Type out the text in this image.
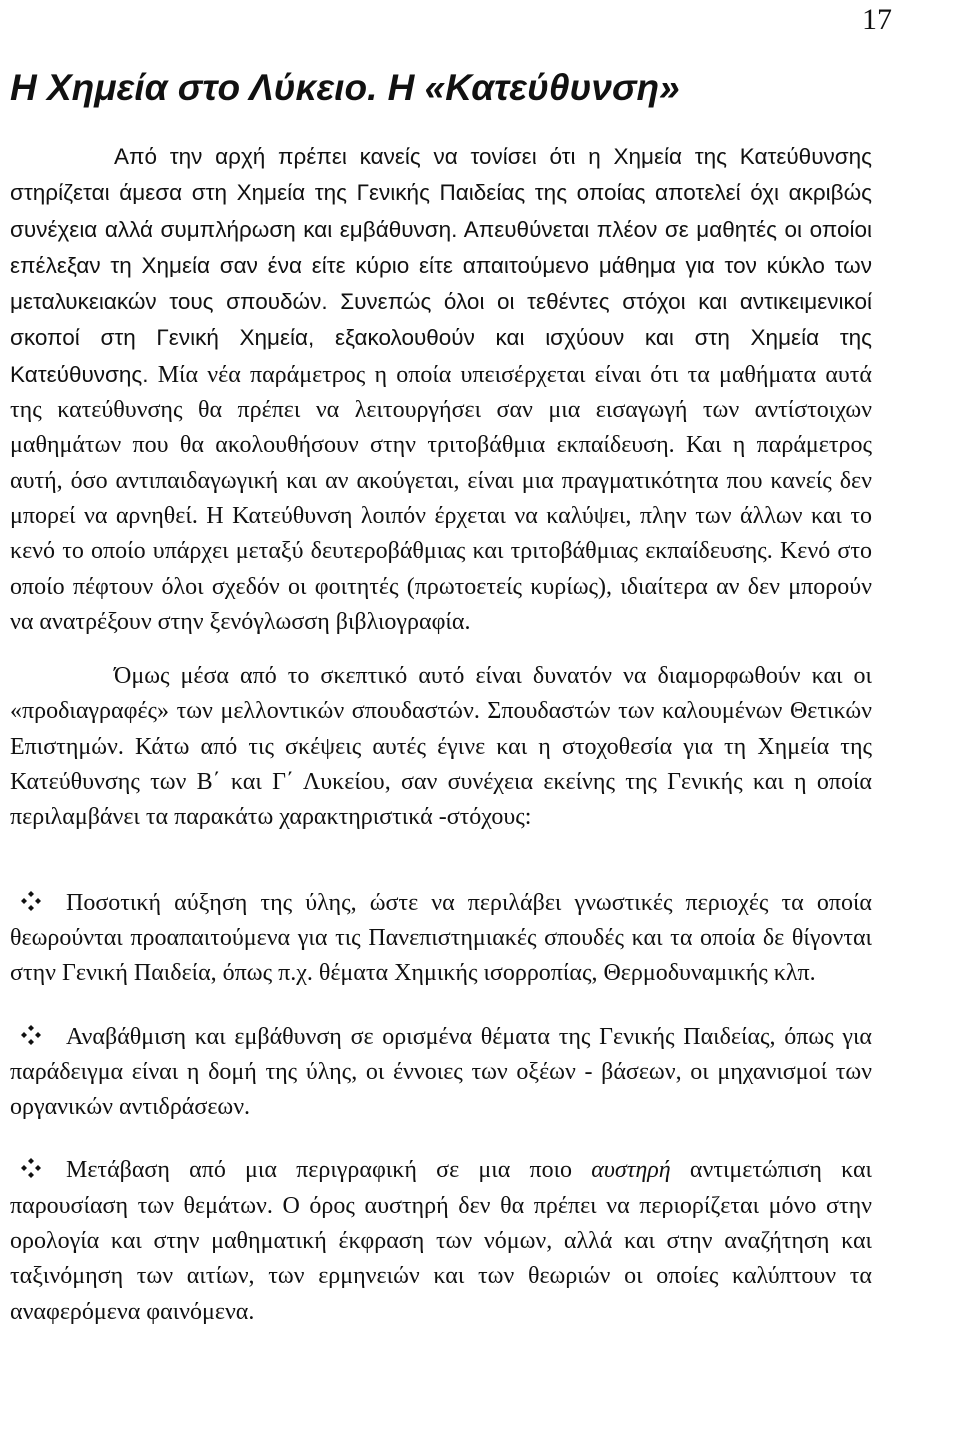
17
Η Χημεία στο Λύκειο. Η «Κατεύθυνση»

Από την αρχή πρέπει κανείς να τονίσει ότι η Χημεία της Κατεύθυνσης στηρίζεται άμεσα στη Χημεία της Γενικής Παιδείας της οποίας αποτελεί όχι ακριβώς συνέχεια αλλά συμπλήρωση και εμβάθυνση. Απευθύνεται πλέον σε μαθητές οι οποίοι επέλεξαν τη Χημεία σαν ένα είτε κύριο είτε απαιτούμενο μάθημα για τον κύκλο των μεταλυκειακών τους σπουδών. Συνεπώς όλοι οι τεθέντες στόχοι και αντικειμενικοί σκοποί στη Γενική Χημεία, εξακολουθούν και ισχύουν και στη Χημεία της Κατεύθυνσης. Μία νέα παράμετρος η οποία υπεισέρχεται είναι ότι τα μαθήματα αυτά της κατεύθυνσης θα πρέπει να λειτουργήσει σαν μια εισαγωγή των αντίστοιχων μαθημάτων που θα ακολουθήσουν στην τριτοβάθμια εκπαίδευση. Και η παράμετρος αυτή, όσο αντιπαιδαγωγική και αν ακούγεται, είναι μια πραγματικότητα που κανείς δεν μπορεί να αρνηθεί. Η Κατεύθυνση λοιπόν έρχεται να καλύψει, πλην των άλλων και το κενό το οποίο υπάρχει μεταξύ δευτεροβάθμιας και τριτοβάθμιας εκπαίδευσης. Κενό στο οποίο πέφτουν όλοι σχεδόν οι φοιτητές (πρωτοετείς κυρίως), ιδιαίτερα αν δεν μπορούν να ανατρέξουν στην ξενόγλωσση βιβλιογραφία.

Όμως μέσα από το σκεπτικό αυτό είναι δυνατόν να διαμορφωθούν και οι «προδιαγραφές» των μελλοντικών σπουδαστών. Σπουδαστών των καλουμένων Θετικών Επιστημών. Κάτω από τις σκέψεις αυτές έγινε και η στοχοθεσία για τη Χημεία της Κατεύθυνσης των Β΄ και Γ΄ Λυκείου, σαν συνέχεια εκείνης της Γενικής και η οποία περιλαμβάνει τα παρακάτω χαρακτηριστικά -στόχους:

Ποσοτική αύξηση της ύλης, ώστε να περιλάβει γνωστικές περιοχές τα οποία θεωρούνται προαπαιτούμενα για τις Πανεπιστημιακές σπουδές και τα οποία δε θίγονται στην Γενική Παιδεία, όπως π.χ. θέματα Χημικής ισορροπίας, Θερμοδυναμικής κλπ.
Αναβάθμιση και εμβάθυνση σε ορισμένα θέματα της Γενικής Παιδείας, όπως για παράδειγμα είναι η δομή της ύλης, οι έννοιες των οξέων - βάσεων, οι μηχανισμοί των οργανικών αντιδράσεων.
Μετάβαση από μια περιγραφική σε μια ποιο αυστηρή αντιμετώπιση και παρουσίαση των θεμάτων. Ο όρος αυστηρή δεν θα πρέπει να περιορίζεται μόνο στην ορολογία και στην μαθηματική έκφραση των νόμων, αλλά και στην αναζήτηση και ταξινόμηση των αιτίων, των ερμηνειών και των θεωριών οι οποίες καλύπτουν τα αναφερόμενα φαινόμενα.
